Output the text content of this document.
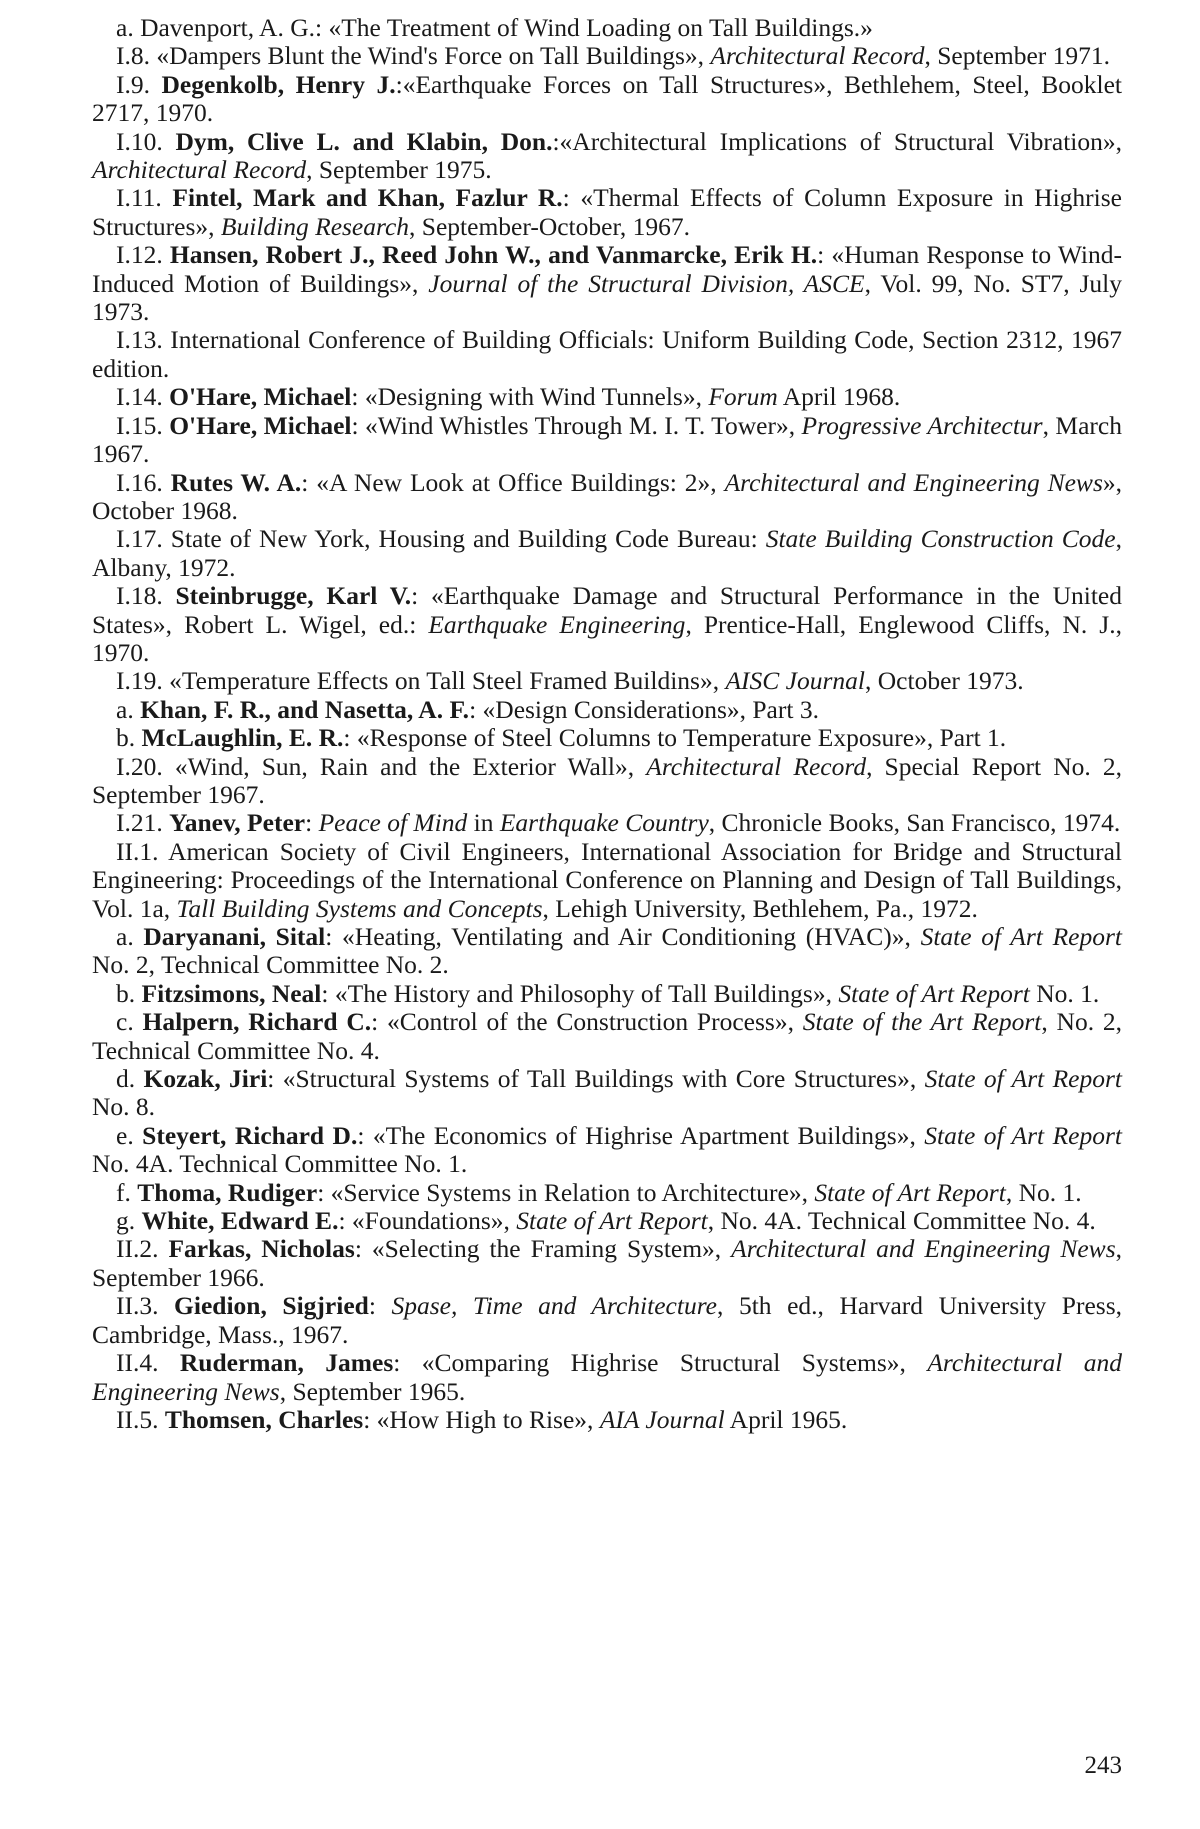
a. Davenport, A. G.: «The Treatment of Wind Loading on Tall Buildings.»

I.8. «Dampers Blunt the Wind's Force on Tall Buildings», Architectural Record, September 1971.

I.9. Degenkolb, Henry J.:«Earthquake Forces on Tall Structures», Bethlehem, Steel, Booklet 2717, 1970.

I.10. Dym, Clive L. and Klabin, Don.:«Architectural Implications of Structural Vibration», Architectural Record, September 1975.

I.11. Fintel, Mark and Khan, Fazlur R.: «Thermal Effects of Column Exposure in Highrise Structures», Building Research, September-October, 1967.

I.12. Hansen, Robert J., Reed John W., and Vanmarcke, Erik H.: «Human Response to Wind-Induced Motion of Buildings», Journal of the Structural Division, ASCE, Vol. 99, No. ST7, July 1973.

I.13. International Conference of Building Officials: Uniform Building Code, Section 2312, 1967 edition.

I.14. O'Hare, Michael: «Designing with Wind Tunnels», Forum April 1968.

I.15. O'Hare, Michael: «Wind Whistles Through M. I. T. Tower», Progressive Architectur, March 1967.

I.16. Rutes W. A.: «A New Look at Office Buildings: 2», Architectural and Engineering News», October 1968.

I.17. State of New York, Housing and Building Code Bureau: State Building Construction Code, Albany, 1972.

I.18. Steinbrugge, Karl V.: «Earthquake Damage and Structural Performance in the United States», Robert L. Wigel, ed.: Earthquake Engineering, Prentice-Hall, Englewood Cliffs, N. J., 1970.

I.19. «Temperature Effects on Tall Steel Framed Buildins», AISC Journal, October 1973.

a. Khan, F. R., and Nasetta, A. F.: «Design Considerations», Part 3.

b. McLaughlin, E. R.: «Response of Steel Columns to Temperature Exposure», Part 1.

I.20. «Wind, Sun, Rain and the Exterior Wall», Architectural Record, Special Report No. 2, September 1967.

I.21. Yanev, Peter: Peace of Mind in Earthquake Country, Chronicle Books, San Francisco, 1974.

II.1. American Society of Civil Engineers, International Association for Bridge and Structural Engineering: Proceedings of the International Conference on Planning and Design of Tall Buildings, Vol. 1a, Tall Building Systems and Concepts, Lehigh University, Bethlehem, Pa., 1972.

a. Daryanani, Sital: «Heating, Ventilating and Air Conditioning (HVAC)», State of Art Report No. 2, Technical Committee No. 2.

b. Fitzsimons, Neal: «The History and Philosophy of Tall Buildings», State of Art Report No. 1.

c. Halpern, Richard C.: «Control of the Construction Process», State of the Art Report, No. 2, Technical Committee No. 4.

d. Kozak, Jiri: «Structural Systems of Tall Buildings with Core Structures», State of Art Report No. 8.

e. Steyert, Richard D.: «The Economics of Highrise Apartment Buildings», State of Art Report No. 4A. Technical Committee No. 1.

f. Thoma, Rudiger: «Service Systems in Relation to Architecture», State of Art Report, No. 1.

g. White, Edward E.: «Foundations», State of Art Report, No. 4A. Technical Committee No. 4.

II.2. Farkas, Nicholas: «Selecting the Framing System», Architectural and Engineering News, September 1966.

II.3. Giedion, Sigjried: Spase, Time and Architecture, 5th ed., Harvard University Press, Cambridge, Mass., 1967.

II.4. Ruderman, James: «Comparing Highrise Structural Systems», Architectural and Engineering News, September 1965.

II.5. Thomsen, Charles: «How High to Rise», AIA Journal April 1965.

243
